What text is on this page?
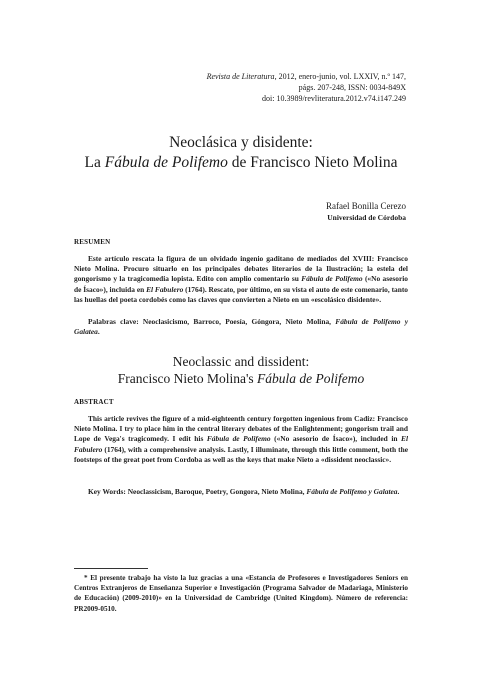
Revista de Literatura, 2012, enero-junio, vol. LXXIV, n.º 147,
págs. 207-248, ISSN: 0034-849X
doi: 10.3989/revliteratura.2012.v74.i147.249
Neoclásica y disidente:
La Fábula de Polifemo de Francisco Nieto Molina
Rafael Bonilla Cerezo
Universidad de Córdoba
RESUMEN

Este artículo rescata la figura de un olvidado ingenio gaditano de mediados del XVIII: Francisco Nieto Molina. Procuro situarlo en los principales debates literarios de la Ilustración; la estela del gongorismo y la tragicomedia lopista. Edito con amplio comentario su Fábula de Polifemo («No asesorio de Ísaco»), incluida en El Fabulero (1764). Rescato, por último, en su vista el auto de este comenario, tanto las huellas del poeta cordobés como las claves que convierten a Nieto en un «escolásico disidente».

Palabras clave: Neoclasicismo, Barroco, Poesía, Góngora, Nieto Molina, Fábula de Polifemo y Galatea.

Neoclassic and dissident:
Francisco Nieto Molina's Fábula de Polifemo
ABSTRACT

This article revives the figure of a mid-eighteenth century forgotten ingenious from Cadiz: Francisco Nieto Molina. I try to place him in the central literary debates of the Enlightenment; gongorism trail and Lope de Vega's tragicomedy. I edit his Fábula de Polifemo («No asesorio de Ísaco»), included in El Fabulero (1764), with a comprehensive analysis. Lastly, I illuminate, through this little comment, both the footsteps of the great poet from Cordoba as well as the keys that make Nieto a «dissident neoclassic».

Key Words: Neoclassicism, Baroque, Poetry, Gongora, Nieto Molina, Fábula de Polifemo y Galatea.

* El presente trabajo ha visto la luz gracias a una «Estancia de Profesores e Investigadores Seniors en Centros Extranjeros de Enseñanza Superior e Investigación (Programa Salvador de Madariaga, Ministerio de Educación) (2009-2010)» en la Universidad de Cambridge (United Kingdom). Número de referencia: PR2009-0510.
